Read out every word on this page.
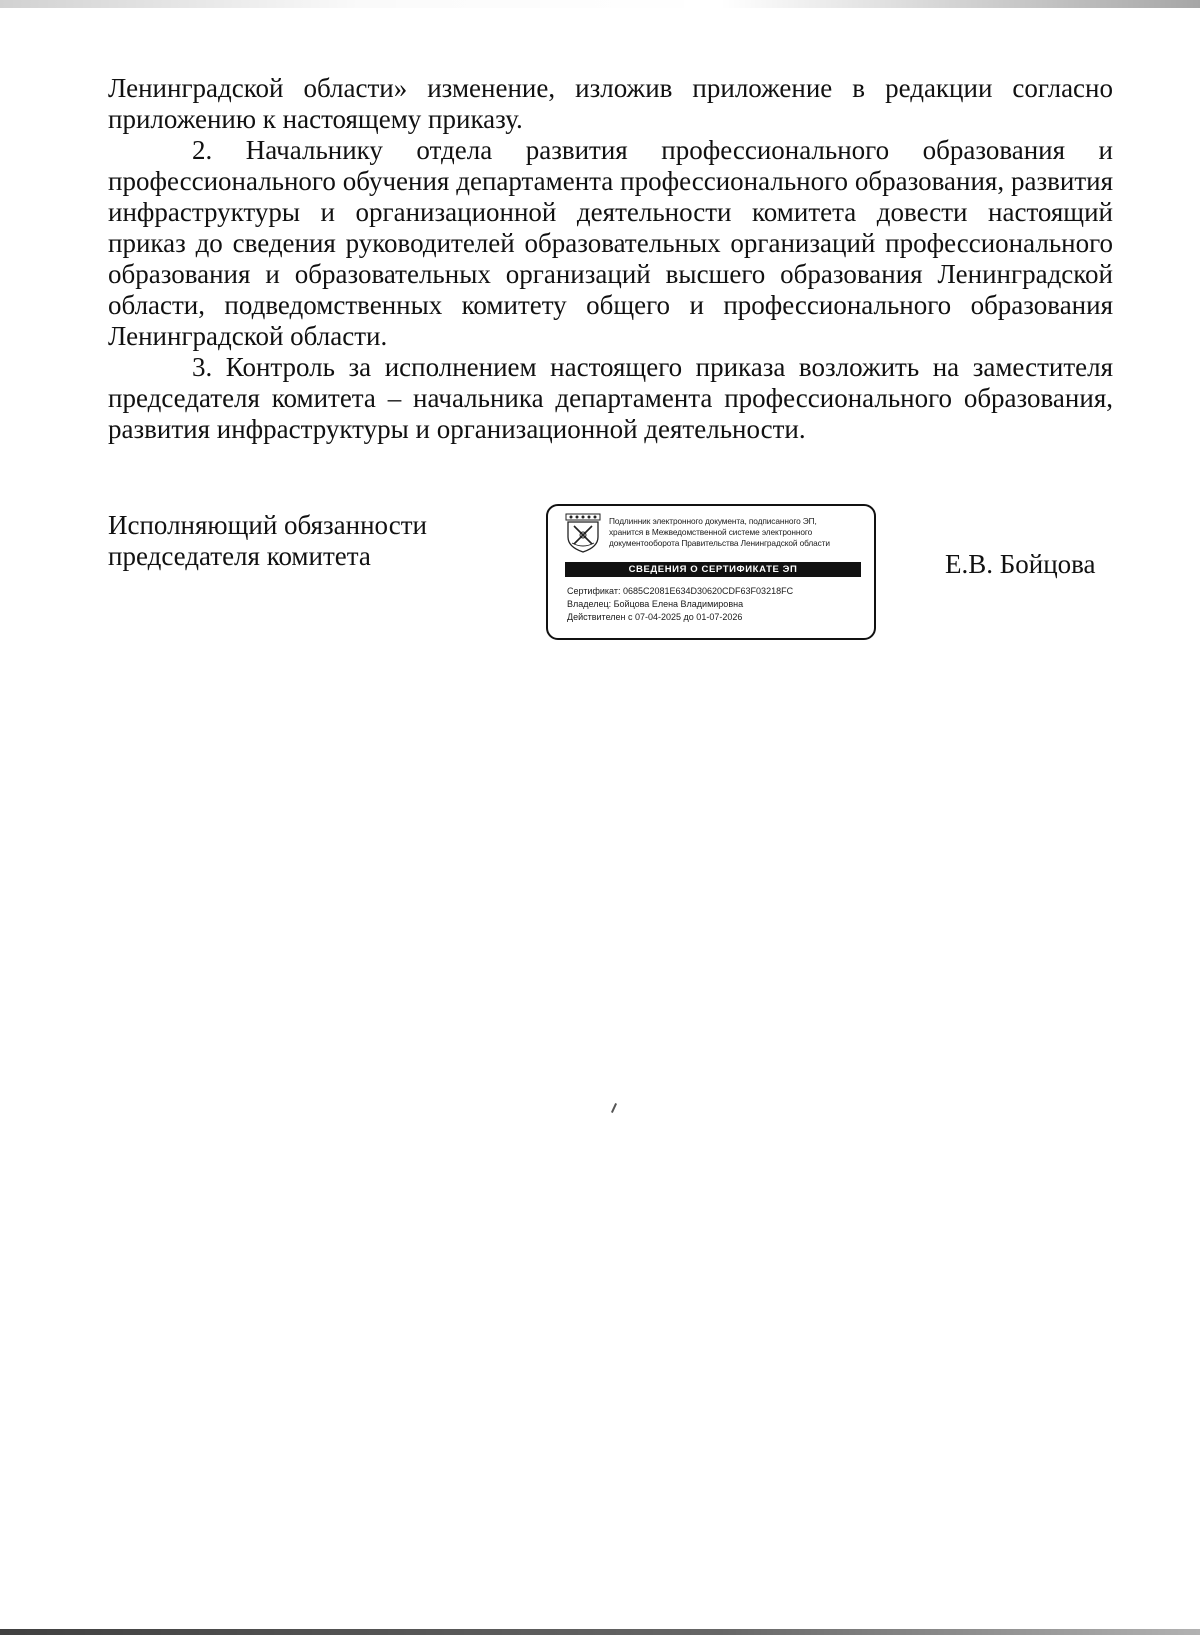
Ленинградской области» изменение, изложив приложение в редакции согласно приложению к настоящему приказу.

2. Начальнику отдела развития профессионального образования и профессионального обучения департамента профессионального образования, развития инфраструктуры и организационной деятельности комитета довести настоящий приказ до сведения руководителей образовательных организаций профессионального образования и образовательных организаций высшего образования Ленинградской области, подведомственных комитету общего и профессионального образования Ленинградской области.

3. Контроль за исполнением настоящего приказа возложить на заместителя председателя комитета – начальника департамента профессионального образования, развития инфраструктуры и организационной деятельности.

Исполняющий обязанности
председателя комитета
Подлинник электронного документа, подписанного ЭП,
хранится в Межведомственной системе электронного
документооборота Правительства Ленинградской области
СВЕДЕНИЯ О СЕРТИФИКАТЕ ЭП
Сертификат: 0685C2081E634D30620CDF63F03218FC
Владелец: Бойцова Елена Владимировна
Действителен с 07-04-2025 до 01-07-2026
Е.В. Бойцова
